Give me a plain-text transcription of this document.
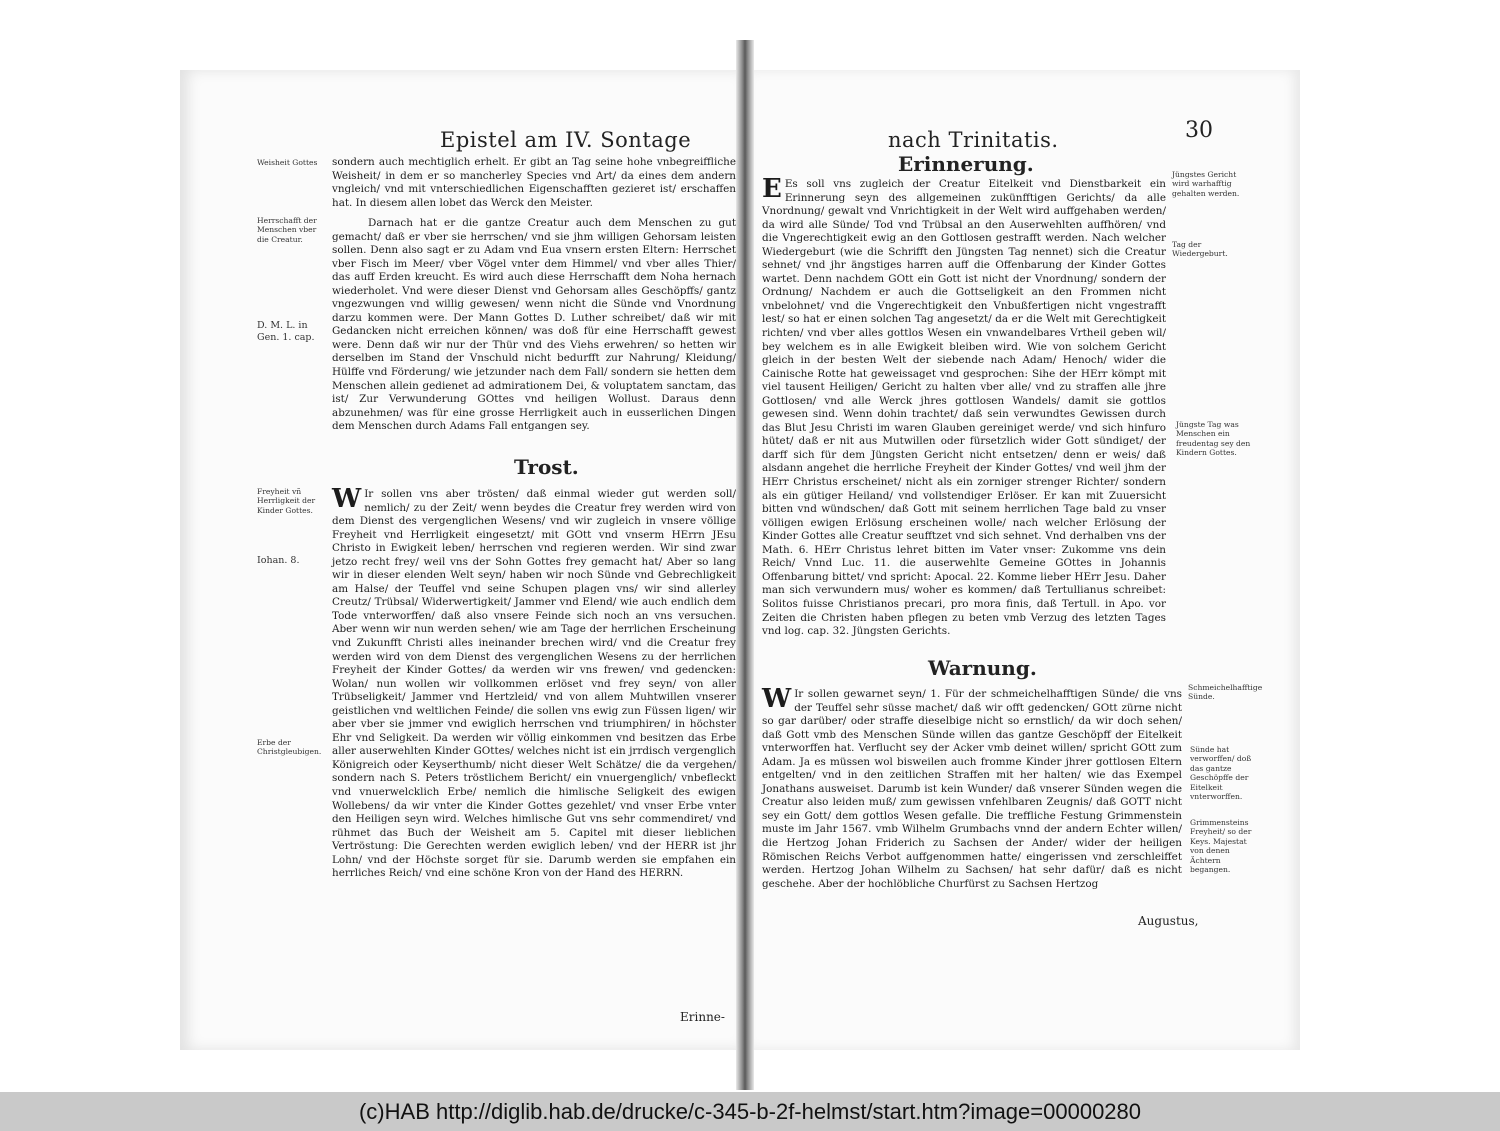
Epistel am IV. Sontage
Weisheit Gottes
Herrschafft der Menschen vber die Creatur.
D. M. L. in Gen. 1. cap.
Freyheit vñ Herrligkeit der Kinder Gottes.
Iohan. 8.
Erbe der Christgleubigen.

sondern auch mechtiglich erhelt. Er gibt an Tag seine hohe vnbegreiffliche Weisheit/ in dem er so mancherley Species vnd Art/ da eines dem andern vngleich/ vnd mit vnterschiedlichen Eigenschafften gezieret ist/ erschaffen hat. In diesem allen lobet das Werck den Meister.

Darnach hat er die gantze Creatur auch dem Menschen zu gut gemacht/ daß er vber sie herrschen/ vnd sie jhm willigen Gehorsam leisten sollen. Denn also sagt er zu Adam vnd Eua vnsern ersten Eltern: Herrschet vber Fisch im Meer/ vber Vögel vnter dem Himmel/ vnd vber alles Thier/ das auff Erden kreucht. Es wird auch diese Herrschafft dem Noha hernach wiederholet. Vnd were dieser Dienst vnd Gehorsam alles Geschöpffs/ gantz vngezwungen vnd willig gewesen/ wenn nicht die Sünde vnd Vnordnung darzu kommen were. Der Mann Gottes D. Luther schreibet/ daß wir mit Gedancken nicht erreichen können/ was doß für eine Herrschafft gewest were. Denn daß wir nur der Thür vnd des Viehs erwehren/ so hetten wir derselben im Stand der Vnschuld nicht bedurfft zur Nahrung/ Kleidung/ Hülffe vnd Förderung/ wie jetzunder nach dem Fall/ sondern sie hetten dem Menschen allein gedienet ad admirationem Dei, & voluptatem sanctam, das ist/ Zur Verwunderung GOttes vnd heiligen Wollust. Daraus denn abzunehmen/ was für eine grosse Herrligkeit auch in eusserlichen Dingen dem Menschen durch Adams Fall entgangen sey.

Trost.
W Ir sollen vns aber trösten/ daß einmal wieder gut werden soll/ nemlich/ zu der Zeit/ wenn beydes die Creatur frey werden wird von dem Dienst des vergenglichen Wesens/ vnd wir zugleich in vnsere völlige Freyheit vnd Herrligkeit eingesetzt/ mit GOtt vnd vnserm HErrn JEsu Christo in Ewigkeit leben/ herrschen vnd regieren werden. Wir sind zwar jetzo recht frey/ weil vns der Sohn Gottes frey gemacht hat/ Aber so lang wir in dieser elenden Welt seyn/ haben wir noch Sünde vnd Gebrechligkeit am Halse/ der Teuffel vnd seine Schupen plagen vns/ wir sind allerley Creutz/ Trübsal/ Widerwertigkeit/ Jammer vnd Elend/ wie auch endlich dem Tode vnterworffen/ daß also vnsere Feinde sich noch an vns versuchen. Aber wenn wir nun werden sehen/ wie am Tage der herrlichen Erscheinung vnd Zukunfft Christi alles ineinander brechen wird/ vnd die Creatur frey werden wird von dem Dienst des vergenglichen Wesens zu der herrlichen Freyheit der Kinder Gottes/ da werden wir vns frewen/ vnd gedencken: Wolan/ nun wollen wir vollkommen erlöset vnd frey seyn/ von aller Trübseligkeit/ Jammer vnd Hertzleid/ vnd von allem Muhtwillen vnserer geistlichen vnd weltlichen Feinde/ die sollen vns ewig zun Füssen ligen/ wir aber vber sie jmmer vnd ewiglich herrschen vnd triumphiren/ in höchster Ehr vnd Seligkeit. Da werden wir völlig einkommen vnd besitzen das Erbe aller auserwehlten Kinder GOttes/ welches nicht ist ein jrrdisch vergenglich Königreich oder Keyserthumb/ nicht dieser Welt Schätze/ die da vergehen/ sondern nach S. Peters tröstlichem Bericht/ ein vnuergenglich/ vnbefleckt vnd vnuerwelcklich Erbe/ nemlich die himlische Seligkeit des ewigen Wollebens/ da wir vnter die Kinder Gottes gezehlet/ vnd vnser Erbe vnter den Heiligen seyn wird. Welches himlische Gut vns sehr commendiret/ vnd rühmet das Buch der Weisheit am 5. Capitel mit dieser lieblichen Vertröstung: Die Gerechten werden ewiglich leben/ vnd der HERR ist jhr Lohn/ vnd der Höchste sorget für sie. Darumb werden sie empfahen ein herrliches Reich/ vnd eine schöne Kron von der Hand des HERRN.

Erinne-
nach Trinitatis.	30
Erinnerung.	Jüngstes Gericht wird warhafftig gehalten werden.
Tag der Wiedergeburt.
Jüngste Tag was Menschen ein freudentag sey den Kindern Gottes.
Schmeichelhafftige Sünde.
Sünde hat verworffen/ doß das gantze Geschöpffe der Eitelkeit vnterworffen.
Grimmensteins Freyheit/ so der Keys. Majestat von denen Ächtern begangen.
E Es soll vns zugleich der Creatur Eitelkeit vnd Dienstbarkeit ein Erinnerung seyn des allgemeinen zukünfftigen Gerichts/ da alle Vnordnung/ gewalt vnd Vnrichtigkeit in der Welt wird auffgehaben werden/ da wird alle Sünde/ Tod vnd Trübsal an den Auserwehlten auffhören/ vnd die Vngerechtigkeit ewig an den Gottlosen gestrafft werden. Nach welcher Wiedergeburt (wie die Schrifft den Jüngsten Tag nennet) sich die Creatur sehnet/ vnd jhr ängstiges harren auff die Offenbarung der Kinder Gottes wartet. Denn nachdem GOtt ein Gott ist nicht der Vnordnung/ sondern der Ordnung/ Nachdem er auch die Gottseligkeit an den Frommen nicht vnbelohnet/ vnd die Vngerechtigkeit den Vnbußfertigen nicht vngestrafft lest/ so hat er einen solchen Tag angesetzt/ da er die Welt mit Gerechtigkeit richten/ vnd vber alles gottlos Wesen ein vnwandelbares Vrtheil geben wil/ bey welchem es in alle Ewigkeit bleiben wird. Wie von solchem Gericht gleich in der besten Welt der siebende nach Adam/ Henoch/ wider die Cainische Rotte hat geweissaget vnd gesprochen: Sihe der HErr kömpt mit viel tausent Heiligen/ Gericht zu halten vber alle/ vnd zu straffen alle jhre Gottlosen/ vnd alle Werck jhres gottlosen Wandels/ damit sie gottlos gewesen sind. Wenn dohin trachtet/ daß sein verwundtes Gewissen durch das Blut Jesu Christi im waren Glauben gereiniget werde/ vnd sich hinfuro hütet/ daß er nit aus Mutwillen oder fürsetzlich wider Gott sündiget/ der darff sich für dem Jüngsten Gericht nicht entsetzen/ denn er weis/ daß alsdann angehet die herrliche Freyheit der Kinder Gottes/ vnd weil jhm der HErr Christus erscheinet/ nicht als ein zorniger strenger Richter/ sondern als ein gütiger Heiland/ vnd vollstendiger Erlöser. Er kan mit Zuuersicht bitten vnd wündschen/ daß Gott mit seinem herrlichen Tage bald zu vnser völligen ewigen Erlösung erscheinen wolle/ nach welcher Erlösung der Kinder Gottes alle Creatur seufftzet vnd sich sehnet. Vnd derhalben vns der Math. 6. HErr Christus lehret bitten im Vater vnser: Zukomme vns dein Reich/ Vnnd Luc. 11. die auserwehlte Gemeine GOttes in Johannis Offenbarung bittet/ vnd spricht: Apocal. 22. Komme lieber HErr Jesu. Daher man sich verwundern mus/ woher es kommen/ daß Tertullianus schreibet: Solitos fuisse Christianos precari, pro mora finis, daß Tertull. in Apo. vor Zeiten die Christen haben pflegen zu beten vmb Verzug des letzten Tages vnd log. cap. 32. Jüngsten Gerichts.

Warnung.
W Ir sollen gewarnet seyn/ 1. Für der schmeichelhafftigen Sünde/ die vns der Teuffel sehr süsse machet/ daß wir offt gedencken/ GOtt zürne nicht so gar darüber/ oder straffe dieselbige nicht so ernstlich/ da wir doch sehen/ daß Gott vmb des Menschen Sünde willen das gantze Geschöpff der Eitelkeit vnterworffen hat. Verflucht sey der Acker vmb deinet willen/ spricht GOtt zum Adam. Ja es müssen wol bisweilen auch fromme Kinder jhrer gottlosen Eltern entgelten/ vnd in den zeitlichen Straffen mit her halten/ wie das Exempel Jonathans ausweiset. Darumb ist kein Wunder/ daß vnserer Sünden wegen die Creatur also leiden muß/ zum gewissen vnfehlbaren Zeugnis/ daß GOTT nicht sey ein Gott/ dem gottlos Wesen gefalle. Die treffliche Festung Grimmenstein muste im Jahr 1567. vmb Wilhelm Grumbachs vnnd der andern Echter willen/ die Hertzog Johan Friderich zu Sachsen der Ander/ wider der heiligen Römischen Reichs Verbot auffgenommen hatte/ eingerissen vnd zerschleiffet werden. Hertzog Johan Wilhelm zu Sachsen/ hat sehr dafür/ daß es nicht geschehe. Aber der hochlöbliche Churfürst zu Sachsen Hertzog

Augustus,
(c)HAB http://diglib.hab.de/drucke/c-345-b-2f-helmst/start.htm?image=00000280
